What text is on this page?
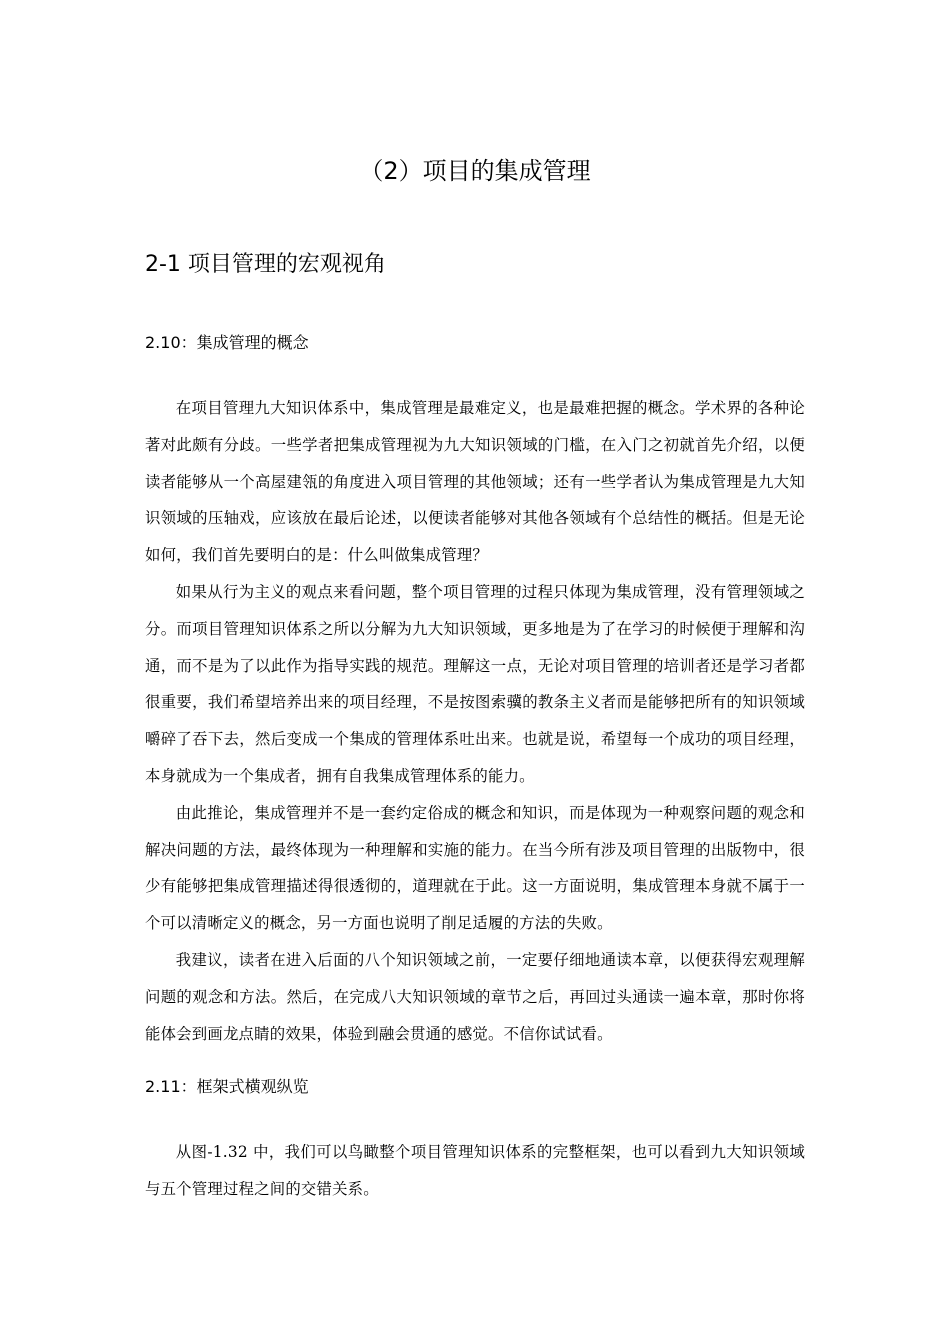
（2）项目的集成管理
2-1 项目管理的宏观视角
2.10：集成管理的概念

在项目管理九大知识体系中，集成管理是最难定义，也是最难把握的概念。学术界的各种论著对此颇有分歧。一些学者把集成管理视为九大知识领域的门槛，在入门之初就首先介绍，以便读者能够从一个高屋建瓴的角度进入项目管理的其他领域；还有一些学者认为集成管理是九大知识领域的压轴戏，应该放在最后论述，以便读者能够对其他各领域有个总结性的概括。但是无论如何，我们首先要明白的是：什么叫做集成管理？

如果从行为主义的观点来看问题，整个项目管理的过程只体现为集成管理，没有管理领域之分。而项目管理知识体系之所以分解为九大知识领域，更多地是为了在学习的时候便于理解和沟通，而不是为了以此作为指导实践的规范。理解这一点，无论对项目管理的培训者还是学习者都很重要，我们希望培养出来的项目经理，不是按图索骥的教条主义者而是能够把所有的知识领域嚼碎了吞下去，然后变成一个集成的管理体系吐出来。也就是说，希望每一个成功的项目经理，本身就成为一个集成者，拥有自我集成管理体系的能力。

由此推论，集成管理并不是一套约定俗成的概念和知识，而是体现为一种观察问题的观念和解决问题的方法，最终体现为一种理解和实施的能力。在当今所有涉及项目管理的出版物中，很少有能够把集成管理描述得很透彻的，道理就在于此。这一方面说明，集成管理本身就不属于一个可以清晰定义的概念，另一方面也说明了削足适履的方法的失败。

我建议，读者在进入后面的八个知识领域之前，一定要仔细地通读本章，以便获得宏观理解问题的观念和方法。然后，在完成八大知识领域的章节之后，再回过头通读一遍本章，那时你将能体会到画龙点睛的效果，体验到融会贯通的感觉。不信你试试看。

2.11：框架式横观纵览

从图-1.32 中，我们可以鸟瞰整个项目管理知识体系的完整框架，也可以看到九大知识领域与五个管理过程之间的交错关系。
